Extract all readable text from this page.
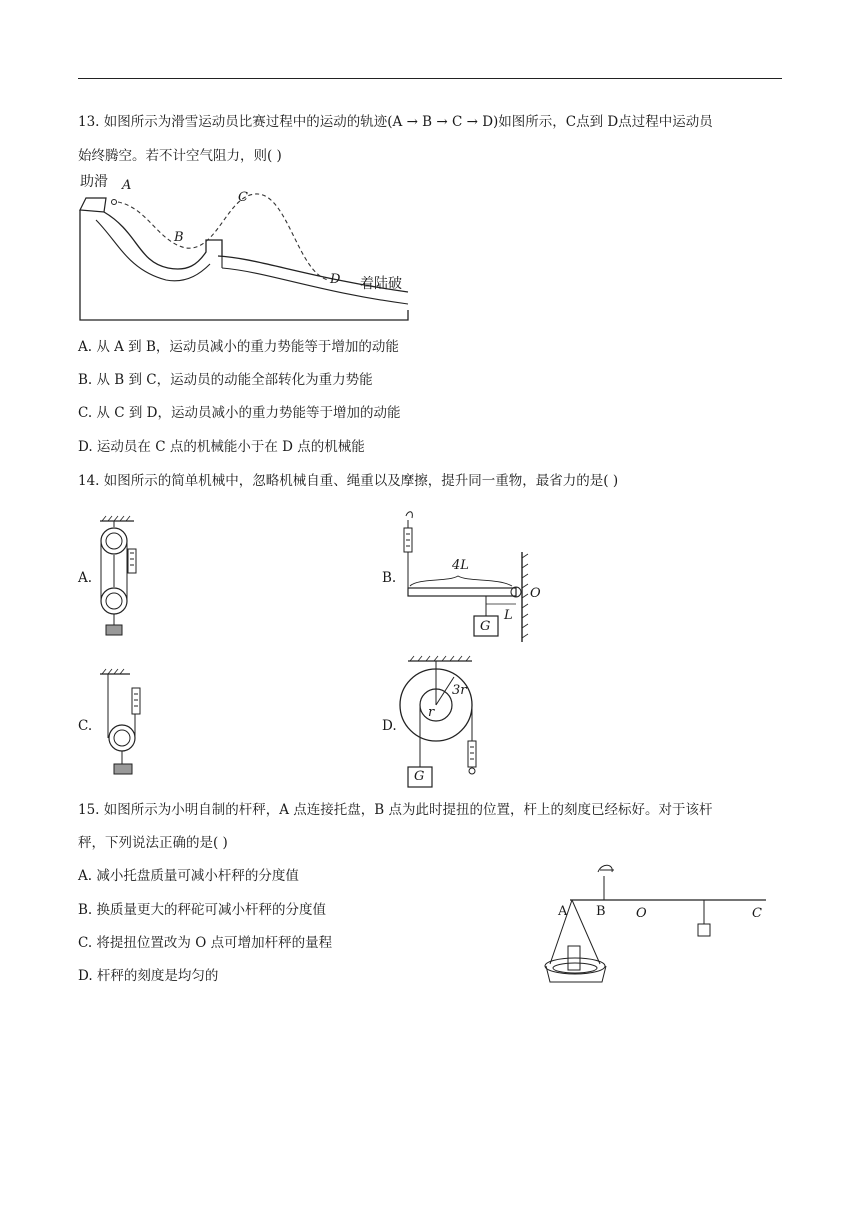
13. 如图所示为滑雪运动员比赛过程中的运动的轨迹(A → B → C → D)如图所示，C点到 D点过程中运动员
始终腾空。若不计空气阻力，则( )
助滑 A
B
C
D 着陆破
A. 从 A 到 B，运动员减小的重力势能等于增加的动能
B. 从 B 到 C，运动员的动能全部转化为重力势能
C. 从 C 到 D，运动员减小的重力势能等于增加的动能
D. 运动员在 C 点的机械能小于在 D 点的机械能
14. 如图所示的简单机械中，忽略机械自重、绳重以及摩擦，提升同一重物，最省力的是( )
A.	B.
4L
L
O
G
C.	D.
3r
r
G
15. 如图所示为小明自制的杆秤，A 点连接托盘，B 点为此时提扭的位置，杆上的刻度已经标好。对于该杆
秤，下列说法正确的是( )
A. 减小托盘质量可减小杆秤的分度值
B. 换质量更大的秤砣可减小杆秤的分度值
C. 将提扭位置改为 O 点可增加杆秤的量程
D. 杆秤的刻度是均匀的
A B O	C
